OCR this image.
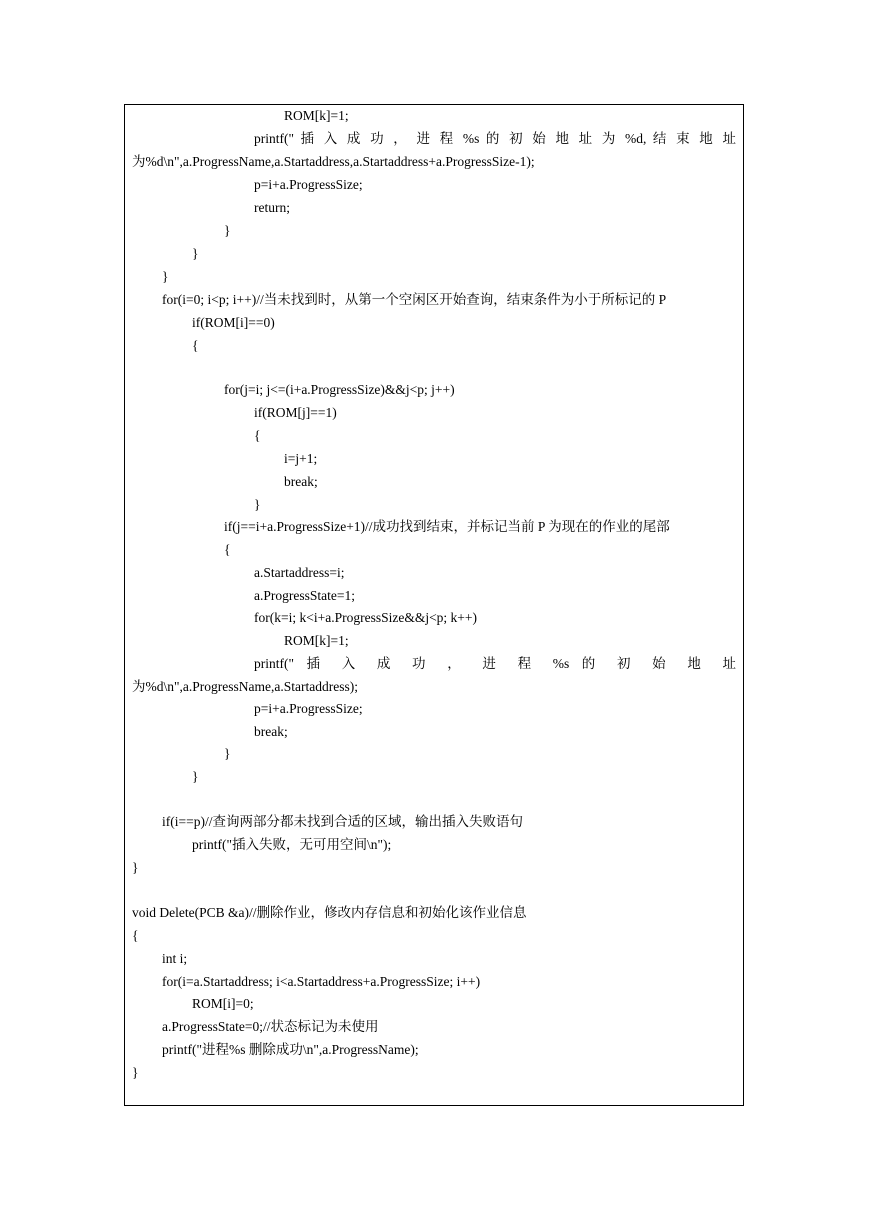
ROM[k]=1;
printf(" 插 入 成 功 ， 进 程 %s 的 初 始 地 址 为 %d, 结 束 地 址
为%d\n",a.ProgressName,a.Startaddress,a.Startaddress+a.ProgressSize-1);
p=i+a.ProgressSize;
return;
}
}
}
for(i=0; i<p; i++)//当未找到时，从第一个空闲区开始查询，结束条件为小于所标记的 P
if(ROM[i]==0)
{
for(j=i; j<=(i+a.ProgressSize)&&j<p; j++)
if(ROM[j]==1)
{
i=j+1;
break;
}
if(j==i+a.ProgressSize+1)//成功找到结束，并标记当前 P 为现在的作业的尾部
{
a.Startaddress=i;
a.ProgressState=1;
for(k=i; k<i+a.ProgressSize&&j<p; k++)
ROM[k]=1;
printf(" 插 入 成 功 ， 进 程 %s 的 初 始 地 址
为%d\n",a.ProgressName,a.Startaddress);
p=i+a.ProgressSize;
break;
}
}
if(i==p)//查询两部分都未找到合适的区域，输出插入失败语句
printf("插入失败，无可用空间\n");
}
void Delete(PCB &a)//删除作业，修改内存信息和初始化该作业信息
{
int i;
for(i=a.Startaddress; i<a.Startaddress+a.ProgressSize; i++)
ROM[i]=0;
a.ProgressState=0;//状态标记为未使用
printf("进程%s 删除成功\n",a.ProgressName);
}
